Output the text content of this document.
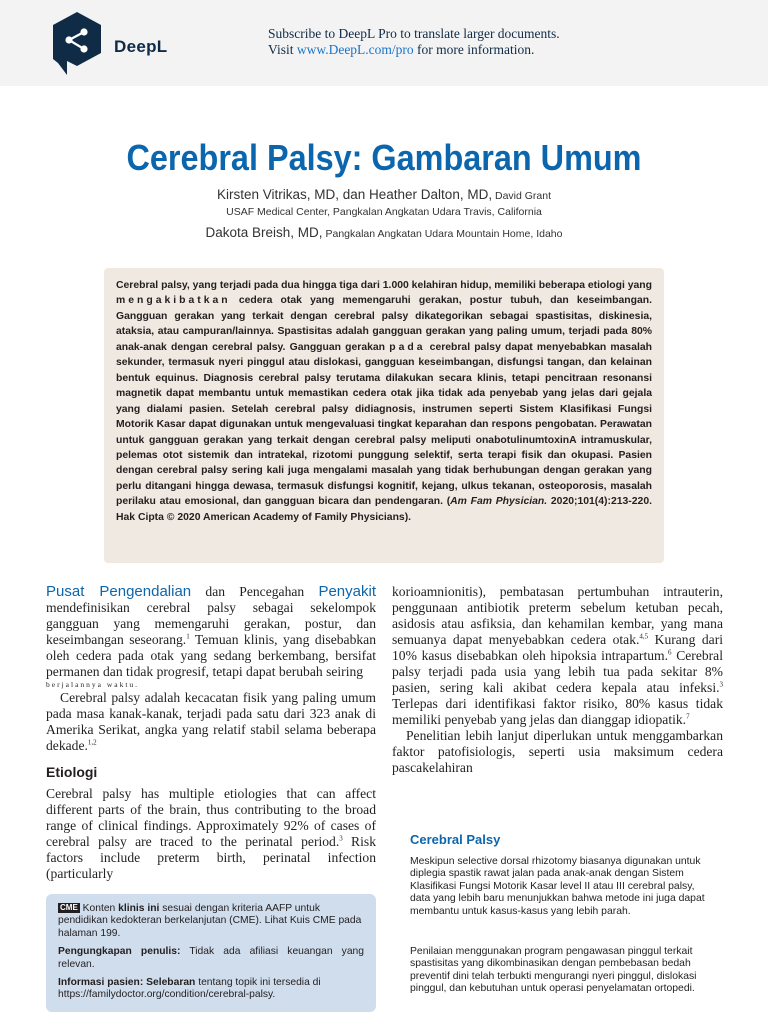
DeepL
Subscribe to DeepL Pro to translate larger documents.
Visit www.DeepL.com/pro for more information.
Cerebral Palsy: Gambaran Umum
Kirsten Vitrikas, MD, dan Heather Dalton, MD, David Grant
USAF Medical Center, Pangkalan Angkatan Udara Travis, California
Dakota Breish, MD, Pangkalan Angkatan Udara Mountain Home, Idaho

Cerebral palsy, yang terjadi pada dua hingga tiga dari 1.000 kelahiran hidup, memiliki beberapa etiologi yang mengakibatkan cedera otak yang memengaruhi gerakan, postur tubuh, dan keseimbangan. Gangguan gerakan yang terkait dengan cerebral palsy dikategorikan sebagai spastisitas, diskinesia, ataksia, atau campuran/lainnya. Spastisitas adalah gangguan gerakan yang paling umum, terjadi pada 80% anak-anak dengan cerebral palsy. Gangguan gerakan pada cerebral palsy dapat menyebabkan masalah sekunder, termasuk nyeri pinggul atau dislokasi, gangguan keseimbangan, disfungsi tangan, dan kelainan bentuk equinus. Diagnosis cerebral palsy terutama dilakukan secara klinis, tetapi pencitraan resonansi magnetik dapat membantu untuk memastikan cedera otak jika tidak ada penyebab yang jelas dari gejala yang dialami pasien. Setelah cerebral palsy didiagnosis, instrumen seperti Sistem Klasifikasi Fungsi Motorik Kasar dapat digunakan untuk mengevaluasi tingkat keparahan dan respons pengobatan. Perawatan untuk gangguan gerakan yang terkait dengan cerebral palsy meliputi onabotulinumtoxinA intramuskular, pelemas otot sistemik dan intratekal, rizotomi punggung selektif, serta terapi fisik dan okupasi. Pasien dengan cerebral palsy sering kali juga mengalami masalah yang tidak berhubungan dengan gerakan yang perlu ditangani hingga dewasa, termasuk disfungsi kognitif, kejang, ulkus tekanan, osteoporosis, masalah perilaku atau emosional, dan gangguan bicara dan pendengaran. (Am Fam Physician. 2020;101(4):213-220. Hak Cipta © 2020 American Academy of Family Physicians).

Pusat Pengendalian dan Pencegahan Penyakit mendefinisikan cerebral palsy sebagai sekelompok gangguan yang memengaruhi gerakan, postur, dan keseimbangan seseorang.$^1$ Temuan klinis, yang disebabkan oleh cedera pada otak yang sedang berkembang, bersifat permanen dan tidak progresif, tetapi dapat berubah seiring

berjalannya waktu.

Cerebral palsy adalah kecacatan fisik yang paling umum pada masa kanak-kanak, terjadi pada satu dari 323 anak di Amerika Serikat, angka yang relatif stabil selama beberapa dekade.$^{1,2}$

Etiologi

Cerebral palsy has multiple etiologies that can affect different parts of the brain, thus contributing to the broad range of clinical findings. Approximately 92% of cases of cerebral palsy are traced to the perinatal period.$^3$ Risk factors include preterm birth, perinatal infection (particularly

korioamnionitis), pembatasan pertumbuhan intrauterin, penggunaan antibiotik preterm sebelum ketuban pecah, asidosis atau asfiksia, dan kehamilan kembar, yang mana semuanya dapat menyebabkan cedera otak.$^{4,5}$ Kurang dari 10% kasus disebabkan oleh hipoksia intrapartum.$^6$ Cerebral palsy terjadi pada usia yang lebih tua pada sekitar 8% pasien, sering kali akibat cedera kepala atau infeksi.$^3$ Terlepas dari identifikasi faktor risiko, 80% kasus tidak memiliki penyebab yang jelas dan dianggap idiopatik.$^7$

Penelitian lebih lanjut diperlukan untuk menggambarkan faktor patofisiologis, seperti usia maksimum cedera pascakelahiran

CME Konten klinis ini sesuai dengan kriteria AAFP untuk pendidikan kedokteran berkelanjutan (CME). Lihat Kuis CME pada halaman 199.

Pengungkapan penulis: Tidak ada afiliasi keuangan yang relevan.

Informasi pasien: Selebaran tentang topik ini tersedia di https://familydoctor.org/condition/cerebral-palsy.

Cerebral Palsy

Meskipun selective dorsal rhizotomy biasanya digunakan untuk diplegia spastik rawat jalan pada anak-anak dengan Sistem Klasifikasi Fungsi Motorik Kasar level II atau III cerebral palsy, data yang lebih baru menunjukkan bahwa metode ini juga dapat membantu untuk kasus-kasus yang lebih parah.

Penilaian menggunakan program pengawasan pinggul terkait spastisitas yang dikombinasikan dengan pembebasan bedah preventif dini telah terbukti mengurangi nyeri pinggul, dislokasi pinggul, dan kebutuhan untuk operasi penyelamatan ortopedi.
